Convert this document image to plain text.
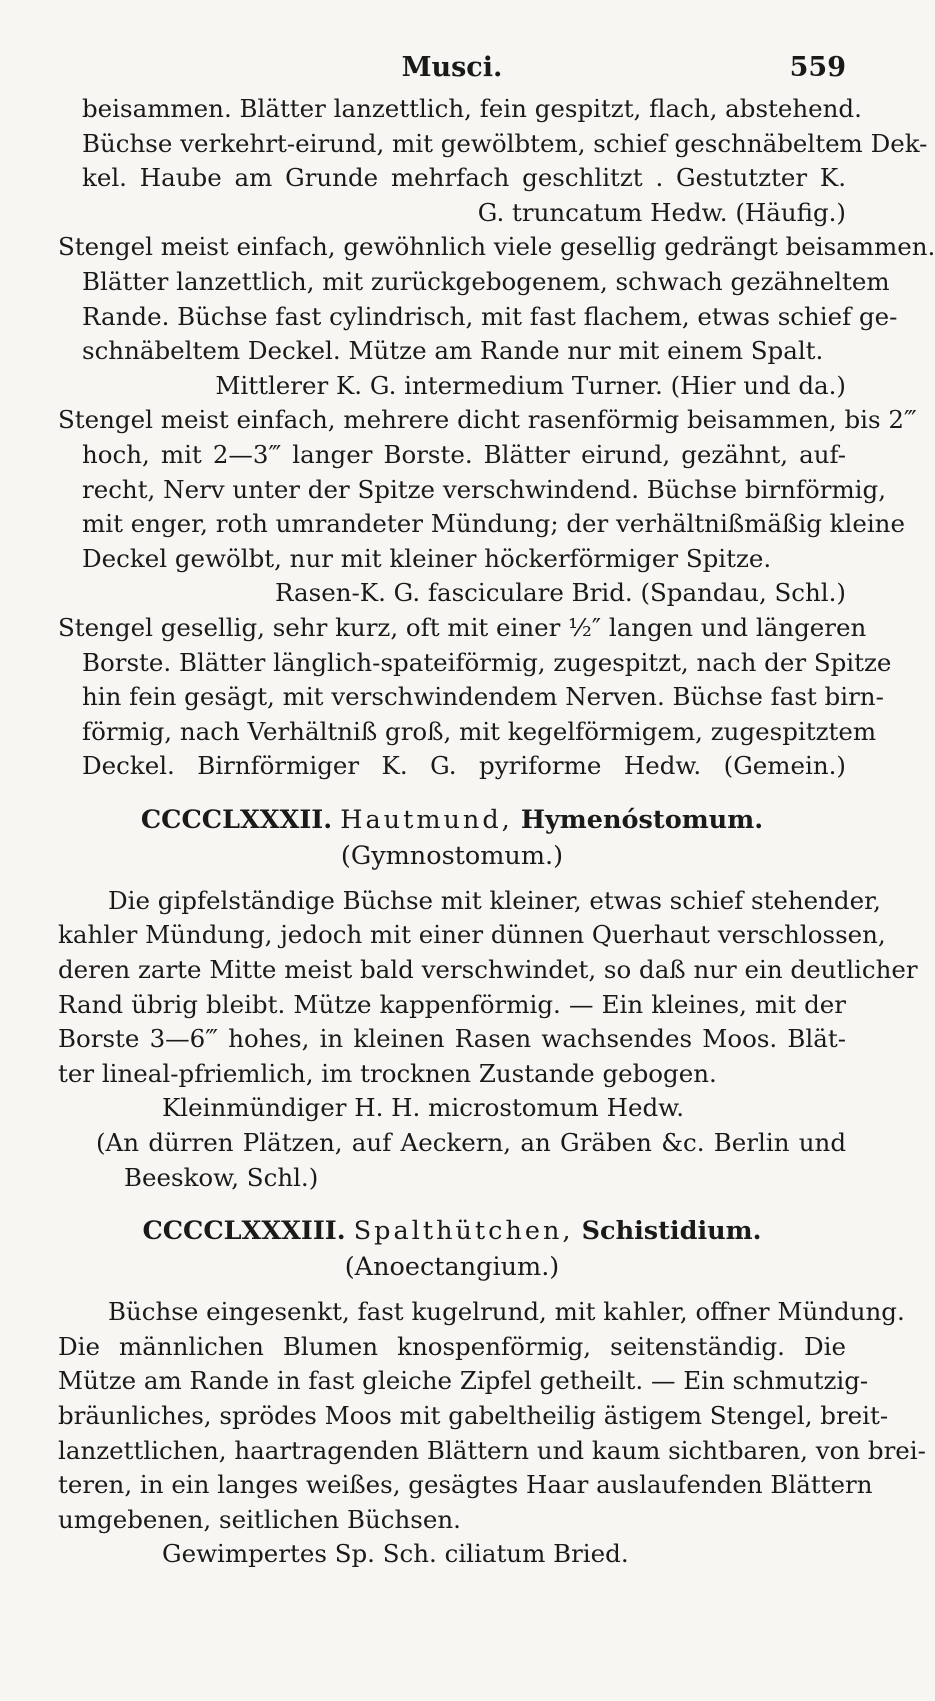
Musci.	559
beisammen. Blätter lanzettlich, fein gespitzt, flach, abstehend.
Büchse verkehrt-eirund, mit gewölbtem, schief geschnäbeltem Dek-
kel. Haube am Grunde mehrfach geschlitzt . Gestutzter K.
G. truncatum Hedw. (Häufig.)
Stengel meist einfach, gewöhnlich viele gesellig gedrängt beisammen.
Blätter lanzettlich, mit zurückgebogenem, schwach gezähneltem
Rande. Büchse fast cylindrisch, mit fast flachem, etwas schief ge-
schnäbeltem Deckel. Mütze am Rande nur mit einem Spalt.
Mittlerer K. G. intermedium Turner. (Hier und da.)
Stengel meist einfach, mehrere dicht rasenförmig beisammen, bis 2‴
hoch, mit 2—3‴ langer Borste. Blätter eirund, gezähnt, auf-
recht, Nerv unter der Spitze verschwindend. Büchse birnförmig,
mit enger, roth umrandeter Mündung; der verhältnißmäßig kleine
Deckel gewölbt, nur mit kleiner höckerförmiger Spitze.
Rasen-K. G. fasciculare Brid. (Spandau, Schl.)
Stengel gesellig, sehr kurz, oft mit einer ½″ langen und längeren
Borste. Blätter länglich-spateiförmig, zugespitzt, nach der Spitze
hin fein gesägt, mit verschwindendem Nerven. Büchse fast birn-
förmig, nach Verhältniß groß, mit kegelförmigem, zugespitztem
Deckel. Birnförmiger K. G. pyriforme Hedw. (Gemein.)
CCCCLXXXII. Hautmund, Hymenóstomum.
(Gymnostomum.)
Die gipfelständige Büchse mit kleiner, etwas schief stehender,
kahler Mündung, jedoch mit einer dünnen Querhaut verschlossen,
deren zarte Mitte meist bald verschwindet, so daß nur ein deutlicher
Rand übrig bleibt. Mütze kappenförmig. — Ein kleines, mit der
Borste 3—6‴ hohes, in kleinen Rasen wachsendes Moos. Blät-
ter lineal-pfriemlich, im trocknen Zustande gebogen.
Kleinmündiger H. H. microstomum Hedw.
(An dürren Plätzen, auf Aeckern, an Gräben &c. Berlin und
Beeskow, Schl.)
CCCCLXXXIII. Spalthütchen, Schistidium.
(Anoectangium.)
Büchse eingesenkt, fast kugelrund, mit kahler, offner Mündung.
Die männlichen Blumen knospenförmig, seitenständig. Die
Mütze am Rande in fast gleiche Zipfel getheilt. — Ein schmutzig-
bräunliches, sprödes Moos mit gabeltheilig ästigem Stengel, breit-
lanzettlichen, haartragenden Blättern und kaum sichtbaren, von brei-
teren, in ein langes weißes, gesägtes Haar auslaufenden Blättern
umgebenen, seitlichen Büchsen.
Gewimpertes Sp. Sch. ciliatum Bried.
